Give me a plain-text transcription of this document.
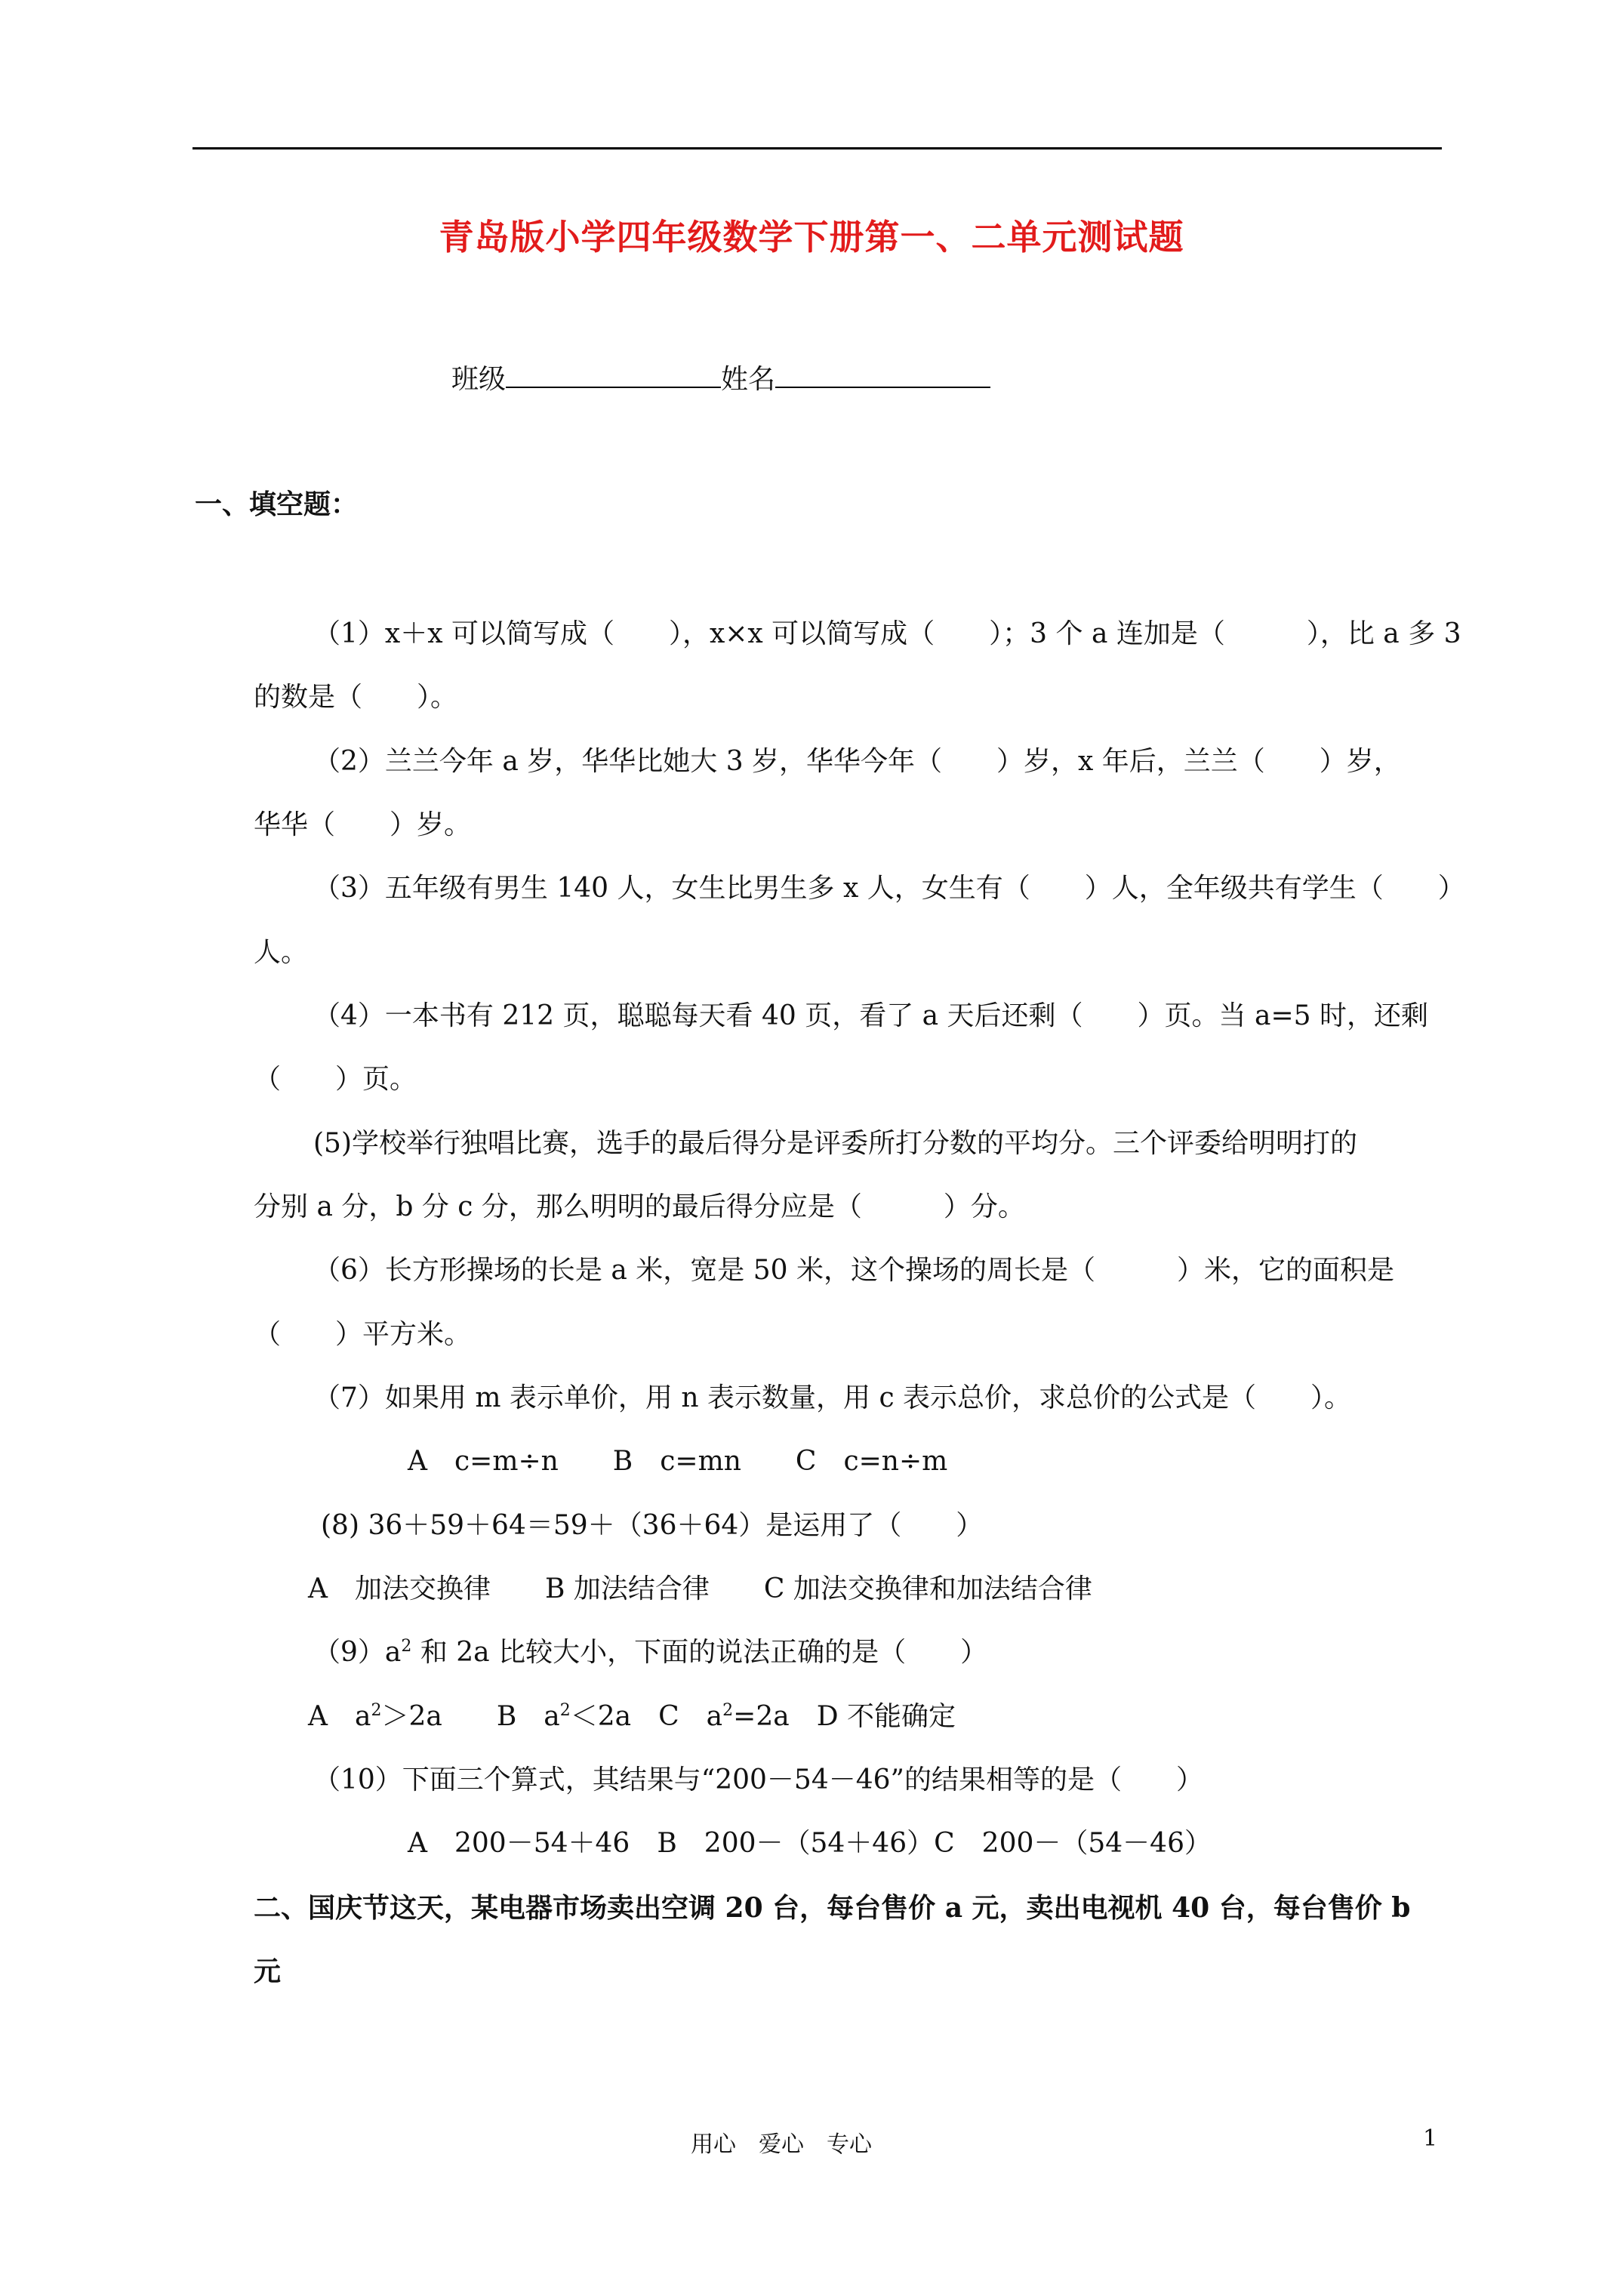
青岛版小学四年级数学下册第一、二单元测试题
班级	姓名
一、填空题：
（1）x＋x 可以简写成（　　），x×x 可以简写成（　　）；3 个 a 连加是（　　　），比 a 多 3
的数是（　　）。
（2）兰兰今年 a 岁，华华比她大 3 岁，华华今年（　　）岁，x 年后，兰兰（　　）岁，
华华（　　）岁。
（3）五年级有男生 140 人，女生比男生多 x 人，女生有（　　）人，全年级共有学生（　　）
人。
（4）一本书有 212 页，聪聪每天看 40 页，看了 a 天后还剩（　　）页。当 a=5 时，还剩
（　　）页。
(5)学校举行独唱比赛，选手的最后得分是评委所打分数的平均分。三个评委给明明打的
分别 a 分，b 分 c 分，那么明明的最后得分应是（　　　）分。
（6）长方形操场的长是 a 米，宽是 50 米，这个操场的周长是（　　　）米，它的面积是
（　　）平方米。
（7）如果用 m 表示单价，用 n 表示数量，用 c 表示总价，求总价的公式是（　　）。
A　c=m÷n　　B　c=mn　　C　c=n÷m
(8) 36＋59＋64＝59＋（36＋64）是运用了（　　）
A　加法交换律　　B 加法结合律　　C 加法交换律和加法结合律
$(9)a^2$ 和 2a 比较大小，下面的说法正确的是（　　）
A　$a^2>2a$　　B　$a^2<2a$　C　$a^2=2a$　D 不能确定
（10）下面三个算式，其结果与“200－54－46”的结果相等的是（　　）
A　200－54＋46　B　200－（54＋46）C　200－（54－46）
二、国庆节这天，某电器市场卖出空调 20 台，每台售价 a 元，卖出电视机 40 台，每台售价 b
元
用心　爱心　专心	1
